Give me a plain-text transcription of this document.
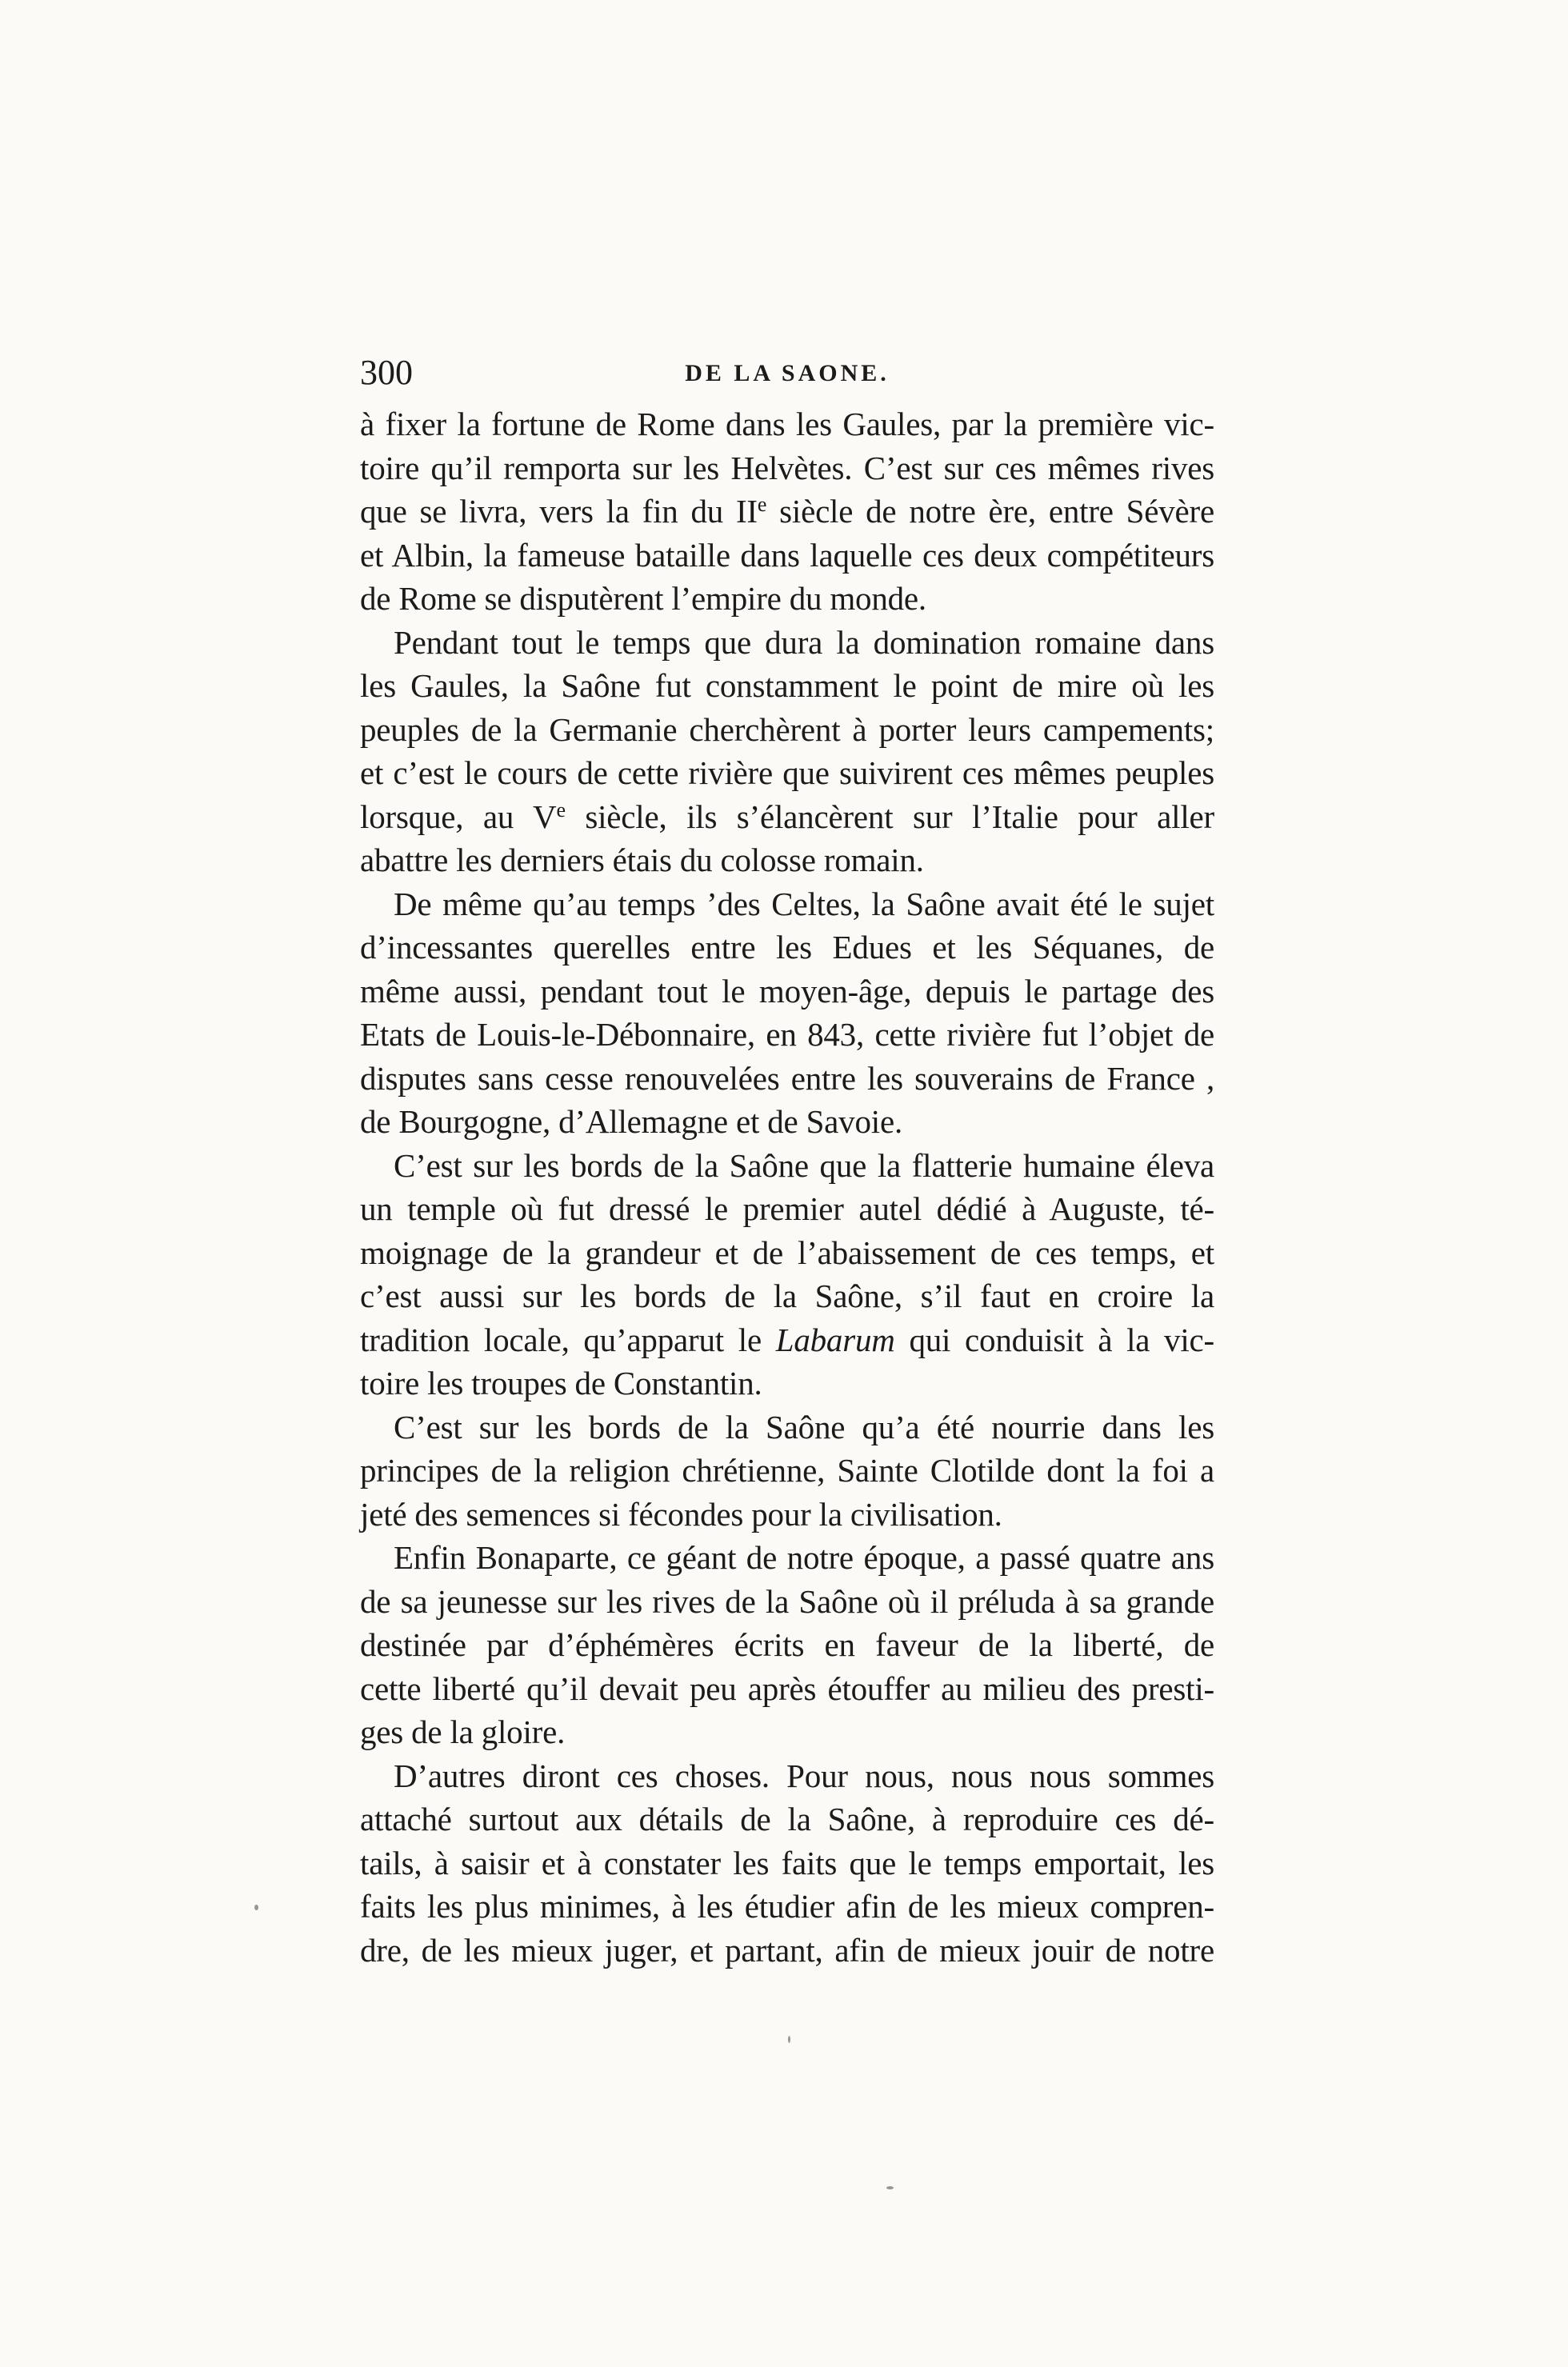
300	DE LA SAONE.
à fixer la fortune de Rome dans les Gaules, par la première vic-
toire qu’il remporta sur les Helvètes. C’est sur ces mêmes rives
que se livra, vers la fin du IIe siècle de notre ère, entre Sévère
et Albin, la fameuse bataille dans laquelle ces deux compétiteurs
de Rome se disputèrent l’empire du monde.
Pendant tout le temps que dura la domination romaine dans
les Gaules, la Saône fut constamment le point de mire où les
peuples de la Germanie cherchèrent à porter leurs campements;
et c’est le cours de cette rivière que suivirent ces mêmes peuples
lorsque, au Ve siècle, ils s’élancèrent sur l’Italie pour aller
abattre les derniers étais du colosse romain.
De même qu’au temps ’des Celtes, la Saône avait été le sujet
d’incessantes querelles entre les Edues et les Séquanes, de
même aussi, pendant tout le moyen-âge, depuis le partage des
Etats de Louis-le-Débonnaire, en 843, cette rivière fut l’objet de
disputes sans cesse renouvelées entre les souverains de France ,
de Bourgogne, d’Allemagne et de Savoie.
C’est sur les bords de la Saône que la flatterie humaine éleva
un temple où fut dressé le premier autel dédié à Auguste, té-
moignage de la grandeur et de l’abaissement de ces temps, et
c’est aussi sur les bords de la Saône, s’il faut en croire la
tradition locale, qu’apparut le Labarum qui conduisit à la vic-
toire les troupes de Constantin.
C’est sur les bords de la Saône qu’a été nourrie dans les
principes de la religion chrétienne, Sainte Clotilde dont la foi a
jeté des semences si fécondes pour la civilisation.
Enfin Bonaparte, ce géant de notre époque, a passé quatre ans
de sa jeunesse sur les rives de la Saône où il préluda à sa grande
destinée par d’éphémères écrits en faveur de la liberté, de
cette liberté qu’il devait peu après étouffer au milieu des presti-
ges de la gloire.
D’autres diront ces choses. Pour nous, nous nous sommes
attaché surtout aux détails de la Saône, à reproduire ces dé-
tails, à saisir et à constater les faits que le temps emportait, les
faits les plus minimes, à les étudier afin de les mieux compren-
dre, de les mieux juger, et partant, afin de mieux jouir de notre
